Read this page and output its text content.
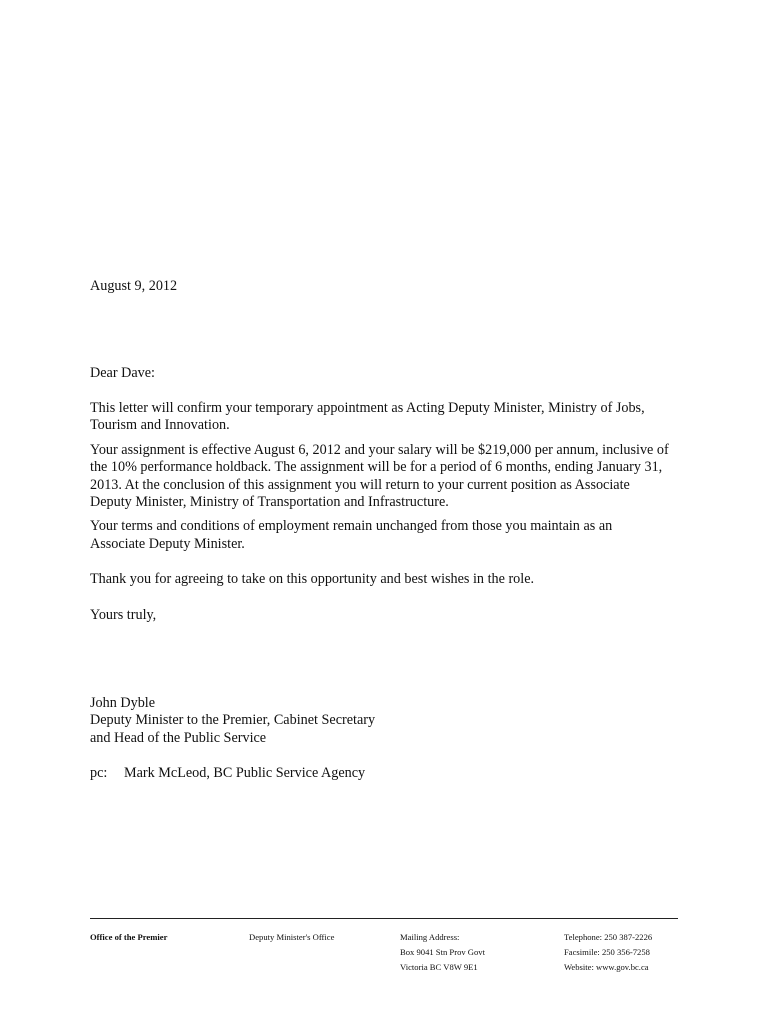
August 9, 2012
Dear Dave:

This letter will confirm your temporary appointment as Acting Deputy Minister, Ministry of Jobs, Tourism and Innovation.

Your assignment is effective August 6, 2012 and your salary will be $219,000 per annum, inclusive of the 10% performance holdback. The assignment will be for a period of 6 months, ending January 31, 2013. At the conclusion of this assignment you will return to your current position as Associate Deputy Minister, Ministry of Transportation and Infrastructure.

Your terms and conditions of employment remain unchanged from those you maintain as an Associate Deputy Minister.

Thank you for agreeing to take on this opportunity and best wishes in the role.

Yours truly,
John Dyble
Deputy Minister to the Premier, Cabinet Secretary
and Head of the Public Service
pc: Mark McLeod, BC Public Service Agency
Office of the Premier	Deputy Minister's Office	Mailing Address:
Box 9041 Stn Prov Govt
Victoria BC V8W 9E1
Telephone: 250 387-2226
Facsimile: 250 356-7258
Website: www.gov.bc.ca
